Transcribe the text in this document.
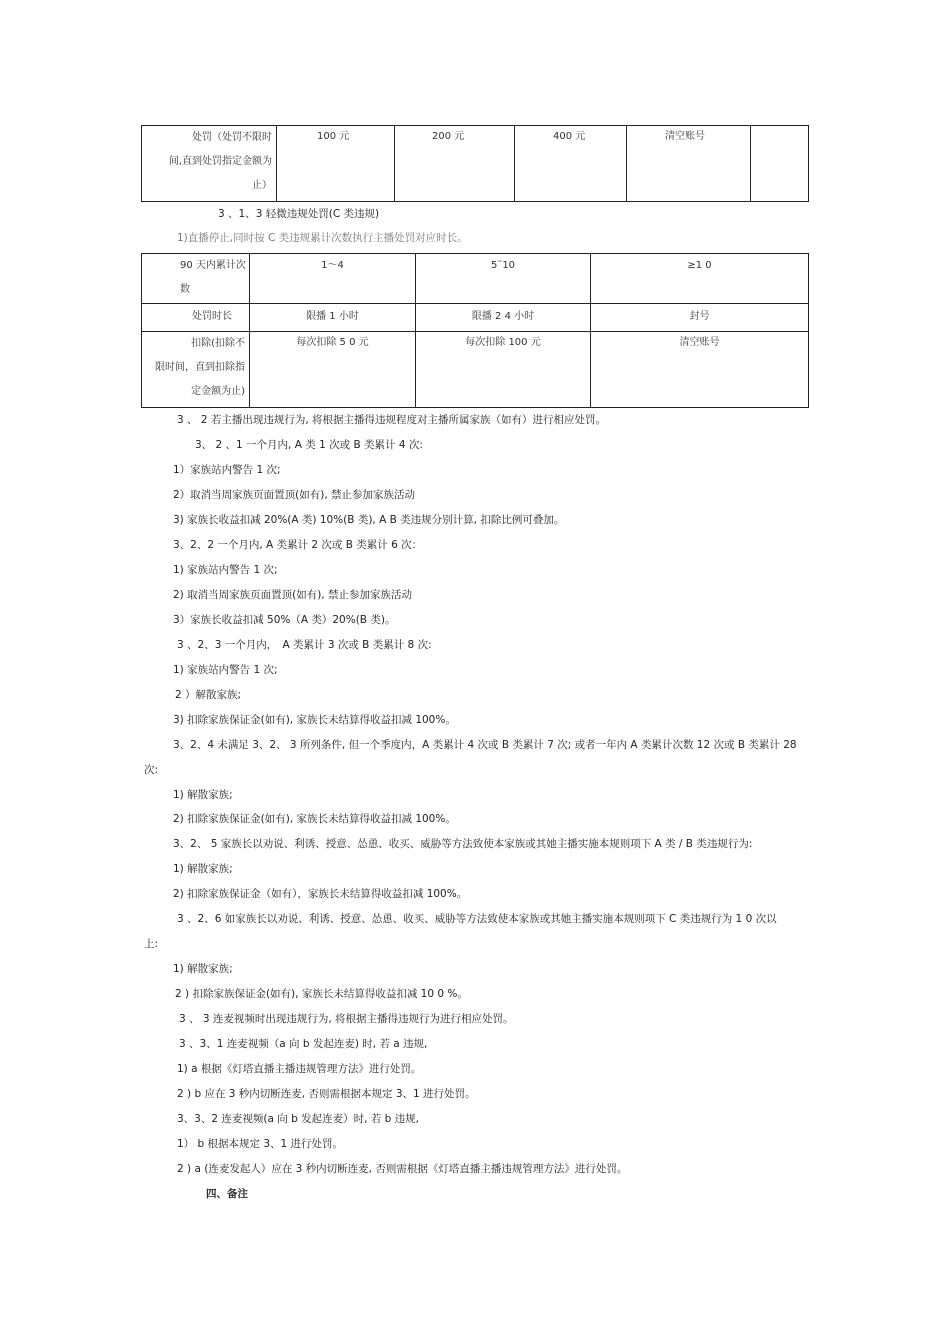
处罚（处罚不限时
间,直到处罚指定金额为
止）

100 元	200 元	400 元	清空账号

3 、1、3 轻微违规处罚(C 类违规)
1)直播停止,同时按 C 类违规累计次数执行主播处罚对应时长。
90 天内累计次
数	1～4	5˜10	≥1 0

处罚时长	限播 1 小时	限播 2 4 小时	封号

扣除(扣除不
限时间，直到扣除指
定金额为止)	每次扣除 5 0 元	每次扣除 100 元	清空账号
3 、 2 若主播出现违规行为, 将根据主播得违规程度对主播所属家族（如有）进行相应处罚。
3、 2 、1 一个月内, A 类 1 次或 B 类累计 4 次:
1）家族站内警告 1 次;
2）取消当周家族页面置顶(如有), 禁止参加家族活动
3) 家族长收益扣减 20%(A 类) 10%(B 类), A B 类违规分别计算, 扣除比例可叠加。
3、2、2 一个月内, A 类累计 2 次或 B 类累计 6 次：
1) 家族站内警告 1 次;
2) 取消当周家族页面置顶(如有), 禁止参加家族活动
3）家族长收益扣减 50%（A 类）20%(B 类)。
3 、2、3 一个月内，　A 类累计 3 次或 B 类累计 8 次:
1) 家族站内警告 1 次;
2 ）解散家族;
3) 扣除家族保证金(如有), 家族长未结算得收益扣减 100%。
3、2、4 未满足 3、2、 3 所列条件, 但一个季度内，A 类累计 4 次或 B 类累计 7 次; 或者一年内 A 类累计次数 12 次或 B 类累计 28
次:
1) 解散家族;
2) 扣除家族保证金(如有), 家族长未结算得收益扣减 100%。
3、2、 5 家族长以劝说、利诱、授意、怂恿、收买、威胁等方法致使本家族或其她主播实施本规则项下 A 类 / B 类违规行为:
1) 解散家族;
2) 扣除家族保证金（如有），家族长未结算得收益扣减 100%。
3 、2、6 如家族长以劝说、利诱、授意、怂恿、收买、威胁等方法致使本家族或其她主播实施本规则项下 C 类违规行为 1 0 次以
上:
1) 解散家族;
2 ) 扣除家族保证金(如有), 家族长未结算得收益扣减 10 0 %。
3 、 3 连麦视频时出现违规行为, 将根据主播得违规行为进行相应处罚。
3 、3、1 连麦视频（a 向 b 发起连麦) 时, 若 a 违规,
1) a 根据《灯塔直播主播违规管理方法》进行处罚。
2 ) b 应在 3 秒内切断连麦, 否则需根据本规定 3、1 进行处罚。
3、3、2 连麦视频(a 向 b 发起连麦）时, 若 b 违规,
1） b 根据本规定 3、1 进行处罚。
2 ) a (连麦发起人）应在 3 秒内切断连麦, 否则需根据《灯塔直播主播违规管理方法》进行处罚。
四、备注
